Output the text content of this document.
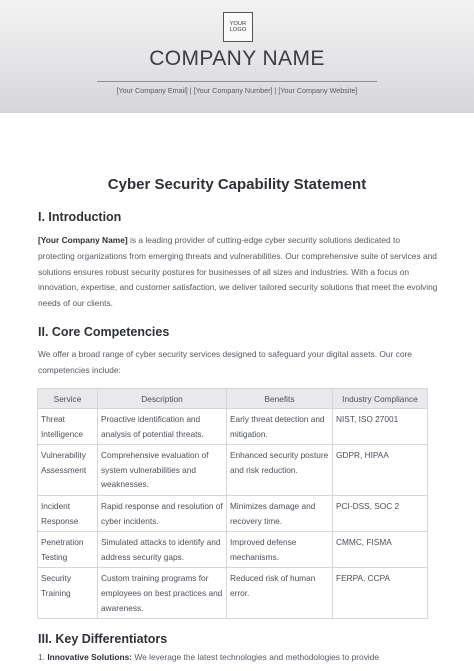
YOUR
LOGO
COMPANY NAME
[Your Company Email] | [Your Company Number] | [Your Company Website]
Cyber Security Capability Statement
I. Introduction
[Your Company Name] is a leading provider of cutting-edge cyber security solutions dedicated to protecting organizations from emerging threats and vulnerabilities. Our comprehensive suite of services and solutions ensures robust security postures for businesses of all sizes and industries. With a focus on innovation, expertise, and customer satisfaction, we deliver tailored security solutions that meet the evolving needs of our clients.
II. Core Competencies
We offer a broad range of cyber security services designed to safeguard your digital assets. Our core competencies include:
Service	Description	Benefits	Industry Compliance
Threat Intelligence	Proactive identification and analysis of potential threats.	Early threat detection and mitigation.	NIST, ISO 27001
Vulnerability Assessment	Comprehensive evaluation of system vulnerabilities and weaknesses.	Enhanced security posture and risk reduction.	GDPR, HIPAA
Incident Response	Rapid response and resolution of cyber incidents.	Minimizes damage and recovery time.	PCI-DSS, SOC 2
Penetration Testing	Simulated attacks to identify and address security gaps.	Improved defense mechanisms.	CMMC, FISMA
Security Training	Custom training programs for employees on best practices and awareness.	Reduced risk of human error.	FERPA, CCPA
III. Key Differentiators
1. Innovative Solutions: We leverage the latest technologies and methodologies to provide
